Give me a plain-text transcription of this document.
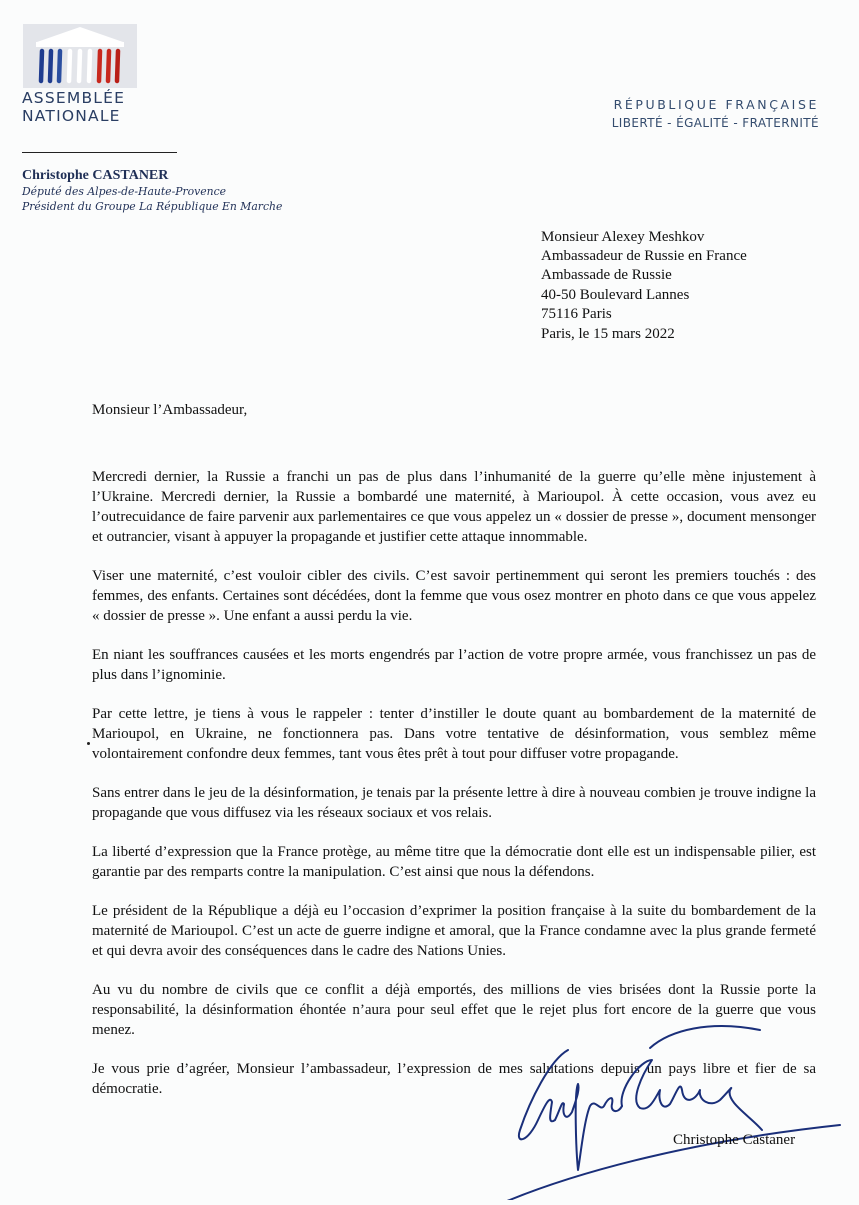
ASSEMBLÉE
NATIONALE
RÉPUBLIQUE FRANÇAISE
LIBERTÉ - ÉGALITÉ - FRATERNITÉ
Christophe CASTANER
Député des Alpes-de-Haute-Provence
Président du Groupe La République En Marche
Monsieur Alexey Meshkov
Ambassadeur de Russie en France
Ambassade de Russie
40-50 Boulevard Lannes
75116 Paris
Paris, le 15 mars 2022
Monsieur l’Ambassadeur,

Mercredi dernier, la Russie a franchi un pas de plus dans l’inhumanité de la guerre qu’elle mène injustement à l’Ukraine. Mercredi dernier, la Russie a bombardé une maternité, à Marioupol. À cette occasion, vous avez eu l’outrecuidance de faire parvenir aux parlementaires ce que vous appelez un « dossier de presse », document mensonger et outrancier, visant à appuyer la propagande et justifier cette attaque innommable.

Viser une maternité, c’est vouloir cibler des civils. C’est savoir pertinemment qui seront les premiers touchés : des femmes, des enfants. Certaines sont décédées, dont la femme que vous osez montrer en photo dans ce que vous appelez « dossier de presse ». Une enfant a aussi perdu la vie.

En niant les souffrances causées et les morts engendrés par l’action de votre propre armée, vous franchissez un pas de plus dans l’ignominie.

Par cette lettre, je tiens à vous le rappeler : tenter d’instiller le doute quant au bombardement de la maternité de Marioupol, en Ukraine, ne fonctionnera pas. Dans votre tentative de désinformation, vous semblez même volontairement confondre deux femmes, tant vous êtes prêt à tout pour diffuser votre propagande.

Sans entrer dans le jeu de la désinformation, je tenais par la présente lettre à dire à nouveau combien je trouve indigne la propagande que vous diffusez via les réseaux sociaux et vos relais.

La liberté d’expression que la France protège, au même titre que la démocratie dont elle est un indispensable pilier, est garantie par des remparts contre la manipulation. C’est ainsi que nous la défendons.

Le président de la République a déjà eu l’occasion d’exprimer la position française à la suite du bombardement de la maternité de Marioupol. C’est un acte de guerre indigne et amoral, que la France condamne avec la plus grande fermeté et qui devra avoir des conséquences dans le cadre des Nations Unies.

Au vu du nombre de civils que ce conflit a déjà emportés, des millions de vies brisées dont la Russie porte la responsabilité, la désinformation éhontée n’aura pour seul effet que le rejet plus fort encore de la guerre que vous menez.

Je vous prie d’agréer, Monsieur l’ambassadeur, l’expression de mes salutations depuis un pays libre et fier de sa démocratie.

Christophe Castaner
